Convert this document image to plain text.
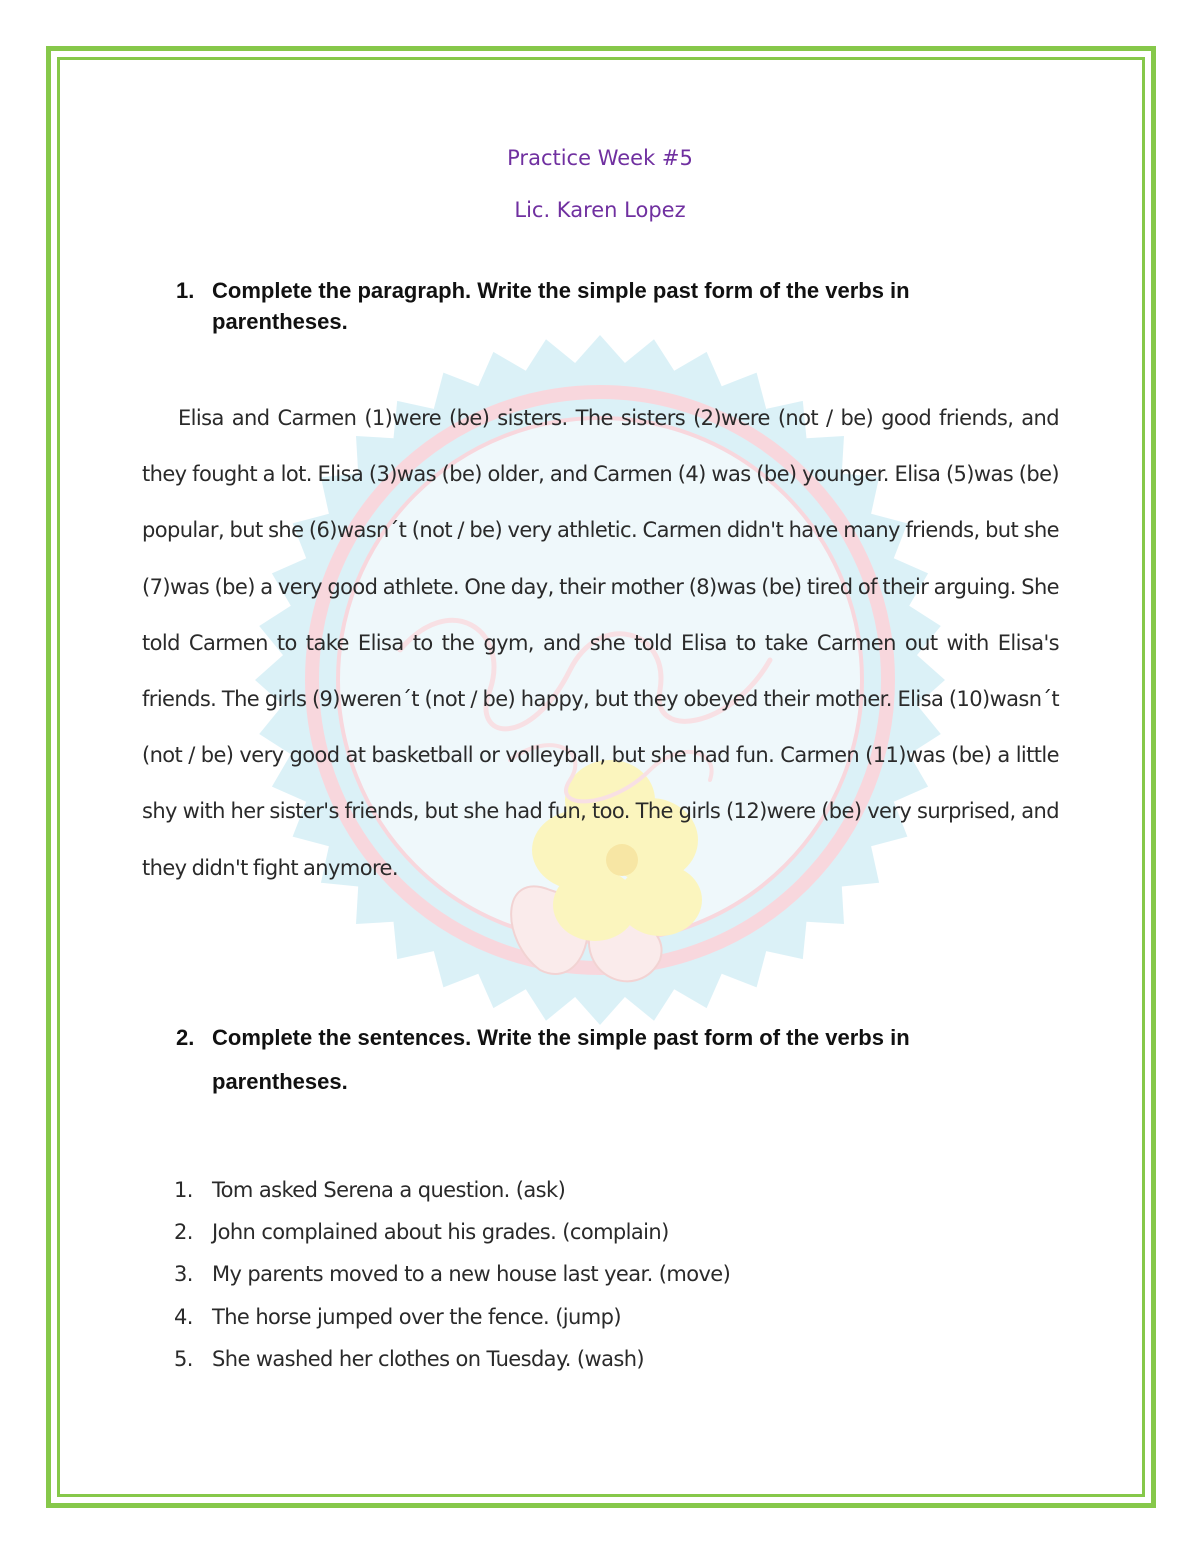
Practice Week #5
Lic. Karen Lopez
1. Complete the paragraph. Write the simple past form of the verbs in parentheses.

Elisa and Carmen (1)were (be) sisters. The sisters (2)were (not / be) good friends, and they fought a lot. Elisa (3)was (be) older, and Carmen (4) was (be) younger. Elisa (5)was (be) popular, but she (6)wasn´t (not / be) very athletic. Carmen didn't have many friends, but she (7)was (be) a very good athlete. One day, their mother (8)was (be) tired of their arguing. She told Carmen to take Elisa to the gym, and she told Elisa to take Carmen out with Elisa's friends. The girls (9)weren´t (not / be) happy, but they obeyed their mother. Elisa (10)wasn´t (not / be) very good at basketball or volleyball, but she had fun. Carmen (11)was (be) a little shy with her sister's friends, but she had fun, too. The girls (12)were (be) very surprised, and they didn't fight anymore.

2. Complete the sentences. Write the simple past form of the verbs in parentheses.
1. Tom asked Serena a question. (ask)
2. John complained about his grades. (complain)
3. My parents moved to a new house last year. (move)
4. The horse jumped over the fence. (jump)
5. She washed her clothes on Tuesday. (wash)
